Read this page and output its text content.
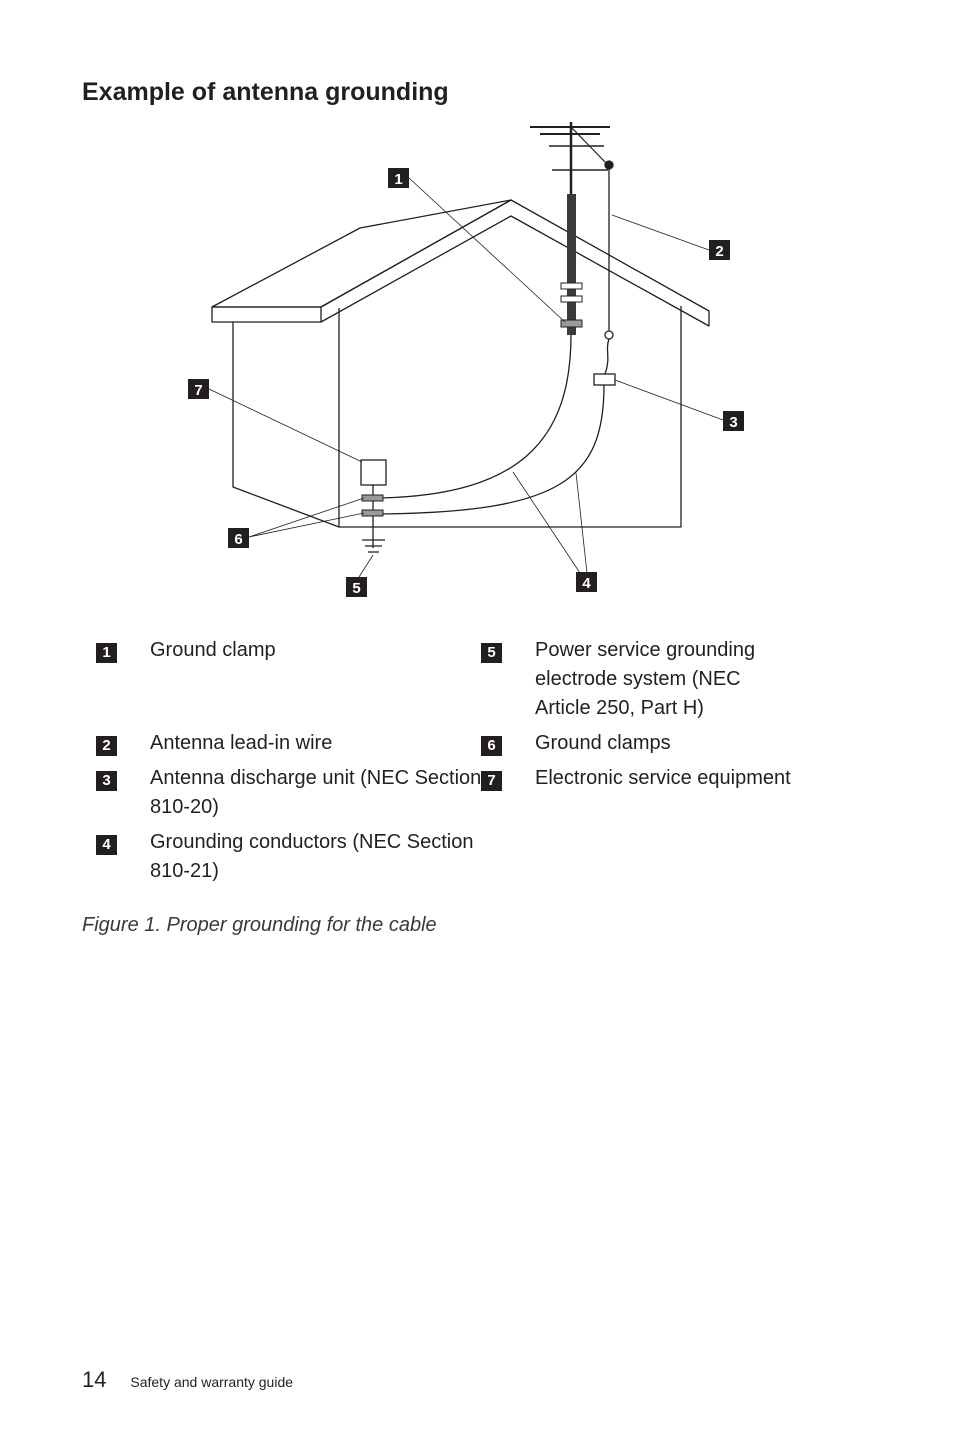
Example of antenna grounding
1
2
3
4
5
6
7
1	Ground clamp
2	Antenna lead-in wire
3	Antenna discharge unit (NEC Section 810-20)
4	Grounding conductors (NEC Section 810-21)
5	Power service grounding electrode system (NEC Article 250, Part H)
6	Ground clamps
7	Electronic service equipment
Figure 1. Proper grounding for the cable
14 Safety and warranty guide
